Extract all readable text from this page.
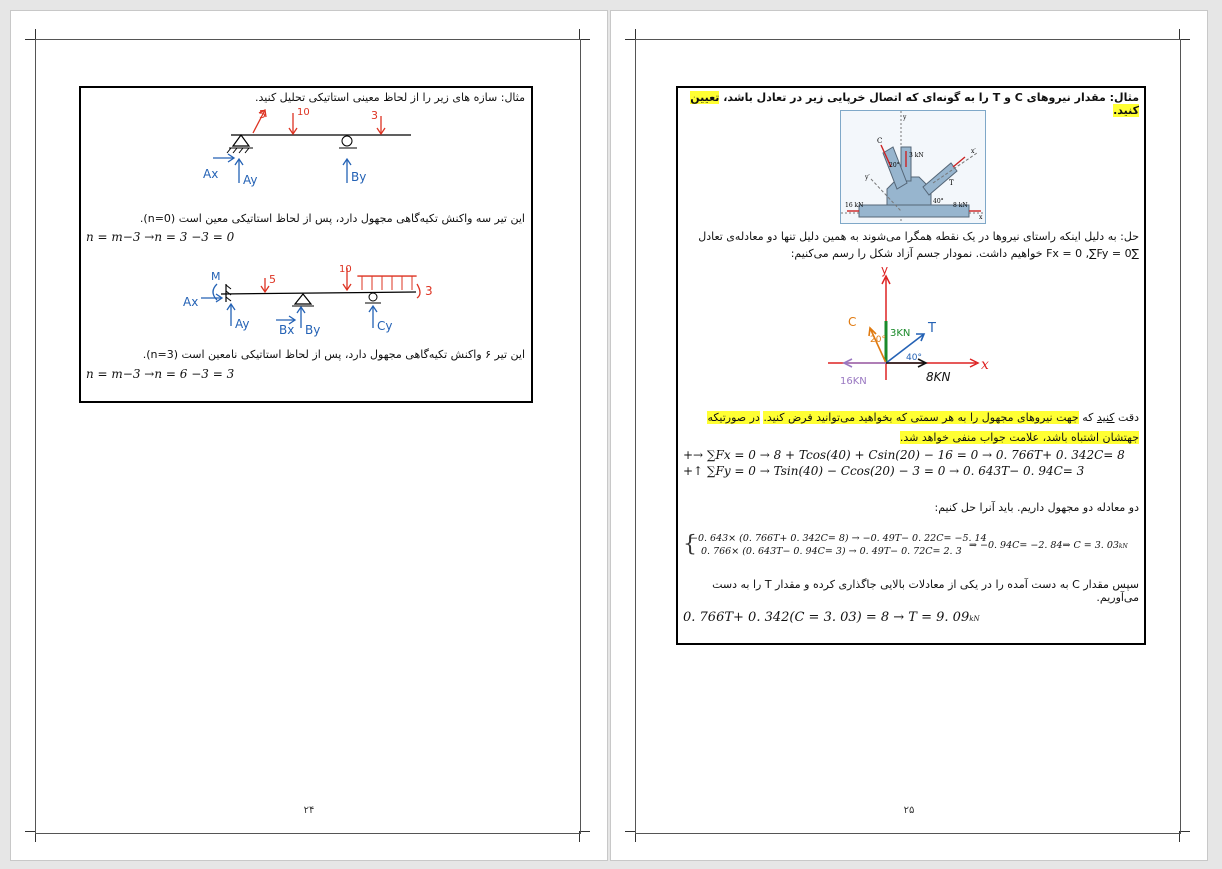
مثال: سازه های زیر را از لحاظ معینی استاتیکی تحلیل کنید.
5	10	3
Ax Ay	By
M	5
10
3
Ax
Ay Bx By	Cy
این تیر سه واکنش تکیه‌گاهی مجهول دارد، پس از لحاظ استاتیکی معین است (n=0).
n = m−3 →n = 3 −3 = 0
این تیر ۶ واکنش تکیه‌گاهی مجهول دارد، پس از لحاظ استاتیکی نامعین است (n=3).
n = m−3 →n = 6 −3 = 3
۲۴
مثال: مقدار نیروهای C و T را به گونه‌ای که اتصال خرپایی زیر در تعادل باشد، تعیین کنید.
C
3 kN
20°
40°
T
16 kN	8 kN
x
y
x′
y′
حل: به دلیل اینکه راستای نیروها در یک نقطه همگرا می‌شوند به همین دلیل تنها دو معادله‌ی تعادل ∑Fx = 0 ,∑Fy = 0 خواهیم داشت. نمودار جسم آزاد شکل را رسم می‌کنیم:
y
x
C
20°
3KN T
40°
16KN	8KN
دقت کنید که جهت نیروهای مجهول را به هر سمتی که بخواهید می‌توانید فرض کنید. در صورتیکه جهتشان اشتباه باشد، علامت جواب منفی خواهد شد.
+→ ∑Fx = 0 → 8 + Tcos(40) + Csin(20) − 16 = 0 → 0. 766T+ 0. 342C= 8
+↑ ∑Fy = 0 → Tsin(40) − Ccos(20) − 3 = 0 → 0. 643T− 0. 94C= 3
دو معادله دو مجهول داریم. باید آنرا حل کنیم:
{
−0. 643× (0. 766T+ 0. 342C= 8) → −0. 49T− 0. 22C= −5. 14
0. 766× (0. 643T− 0. 94C= 3) → 0. 49T− 0. 72C= 2. 3
⇒ −0. 94C= −2. 84⇒ C = 3. 03kN
سپس مقدار C به دست آمده را در یکی از معادلات بالایی جاگذاری کرده و مقدار T را به دست می‌آوریم.
0. 766T+ 0. 342(C = 3. 03) = 8 → T = 9. 09kN
۲۵
